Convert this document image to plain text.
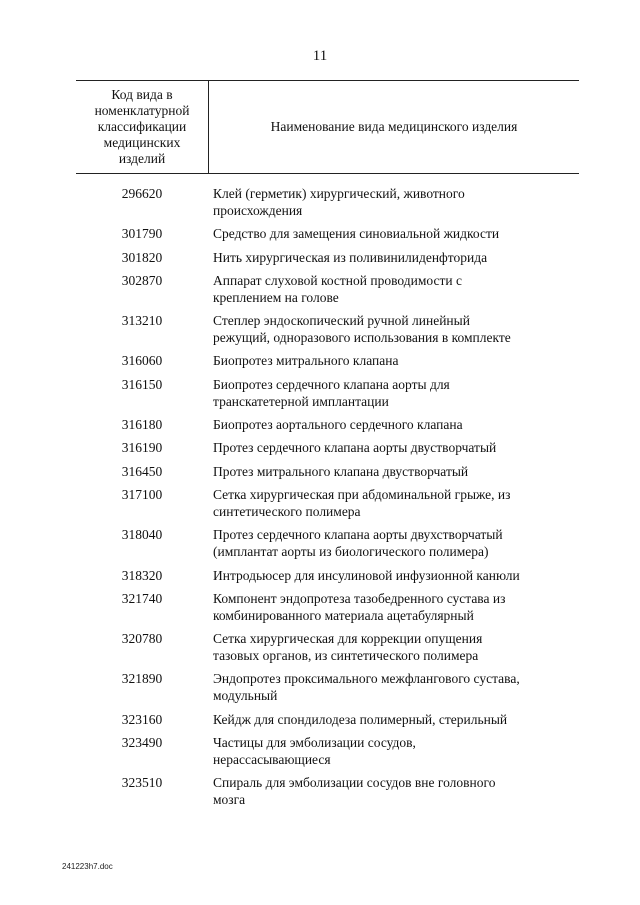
11
Код вида в
номенклатурной
классификации
медицинских
изделий
Наименование вида медицинского изделия
296620	Клей (герметик) хирургический, животного
происхождения
301790	Средство для замещения синовиальной жидкости
301820	Нить хирургическая из поливинилиденфторида
302870	Аппарат слуховой костной проводимости с
креплением на голове
313210	Степлер эндоскопический ручной линейный
режущий, одноразового использования в комплекте
316060	Биопротез митрального клапана
316150	Биопротез сердечного клапана аорты для
транскатетерной имплантации
316180	Биопротез аортального сердечного клапана
316190	Протез сердечного клапана аорты двустворчатый
316450	Протез митрального клапана двустворчатый
317100	Сетка хирургическая при абдоминальной грыже, из
синтетического полимера
318040	Протез сердечного клапана аорты двухстворчатый
(имплантат аорты из биологического полимера)
318320	Интродьюсер для инсулиновой инфузионной канюли
321740	Компонент эндопротеза тазобедренного сустава из
комбинированного материала ацетабулярный
320780	Сетка хирургическая для коррекции опущения
тазовых органов, из синтетического полимера
321890	Эндопротез проксимального межфлангового сустава,
модульный
323160	Кейдж для спондилодеза полимерный, стерильный
323490	Частицы для эмболизации сосудов,
нерассасывающиеся
323510	Спираль для эмболизации сосудов вне головного
мозга
241223h7.doc
